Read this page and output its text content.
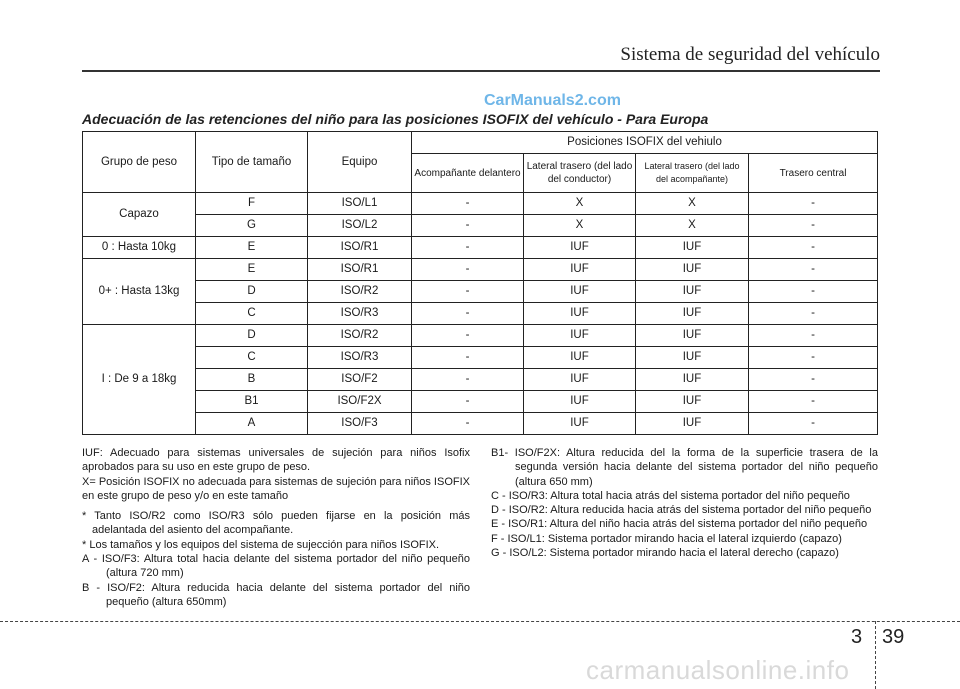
Sistema de seguridad del vehículo
CarManuals2.com
Adecuación de las retenciones del niño para las posiciones ISOFIX del vehículo - Para Europa
Grupo de peso	Tipo de tamaño	Equipo	Posiciones ISOFIX del vehiulo			
			Acompañante delantero	Lateral trasero (del lado del conductor)	Lateral trasero (del lado del acompañante)	Trasero central
Capazo	F	ISO/L1	-	X	X	-
	G	ISO/L2	-	X	X	-
0 : Hasta 10kg	E	ISO/R1	-	IUF	IUF	-
0+ : Hasta 13kg	E	ISO/R1	-	IUF	IUF	-
	D	ISO/R2	-	IUF	IUF	-
	C	ISO/R3	-	IUF	IUF	-
I : De 9 a 18kg	D	ISO/R2	-	IUF	IUF	-
	C	ISO/R3	-	IUF	IUF	-
	B	ISO/F2	-	IUF	IUF	-
	B1	ISO/F2X	-	IUF	IUF	-
	A	ISO/F3	-	IUF	IUF	-

IUF: Adecuado para sistemas universales de sujeción para niños Isofix aprobados para su uso en este grupo de peso.

X= Posición ISOFIX no adecuada para sistemas de sujeción para niños ISOFIX en este grupo de peso y/o en este tamaño

* Tanto ISO/R2 como ISO/R3 sólo pueden fijarse en la posición más adelantada del asiento del acompañante.

* Los tamaños y los equipos del sistema de sujección para niños ISOFIX.

A - ISO/F3: Altura total hacia delante del sistema portador del niño pequeño (altura 720 mm)

B - ISO/F2: Altura reducida hacia delante del sistema portador del niño pequeño (altura 650mm)

B1- ISO/F2X: Altura reducida del la forma de la superficie trasera de la segunda versión hacia delante del sistema portador del niño pequeño (altura 650 mm)

C - ISO/R3: Altura total hacia atrás del sistema portador del niño pequeño

D - ISO/R2: Altura reducida hacia atrás del sistema portador del niño pequeño

E - ISO/R1: Altura del niño hacia atrás del sistema portador del niño pequeño

F - ISO/L1: Sistema portador mirando hacia el lateral izquierdo (capazo)

G - ISO/L2: Sistema portador mirando hacia el lateral derecho (capazo)

3 39
carmanualsonline.info
